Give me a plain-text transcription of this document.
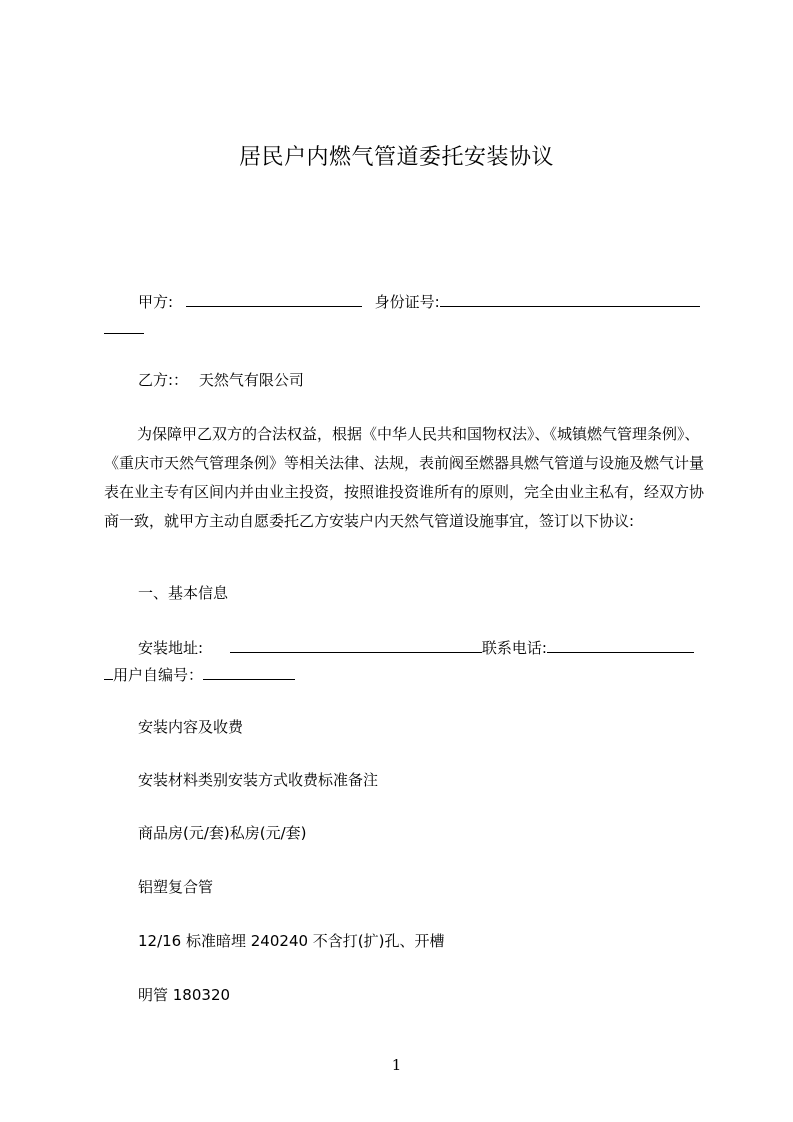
居民户内燃气管道委托安装协议
甲方:	身份证号:
乙方:： 天然气有限公司
为保障甲乙双方的合法权益，根据《中华人民共和国物权法》、《城镇燃气管理条例》、《重庆市天然气管理条例》等相关法律、法规，表前阀至燃器具燃气管道与设施及燃气计量表在业主专有区间内并由业主投资，按照谁投资谁所有的原则，完全由业主私有，经双方协商一致，就甲方主动自愿委托乙方安装户内天然气管道设施事宜，签订以下协议:
一、基本信息
安装地址:	联系电话:
用户自编号：
安装内容及收费
安装材料类别安装方式收费标准备注
商品房(元/套)私房(元/套)
铝塑复合管
12/16 标准暗埋 240240 不含打(扩)孔、开槽
明管 180320
1
